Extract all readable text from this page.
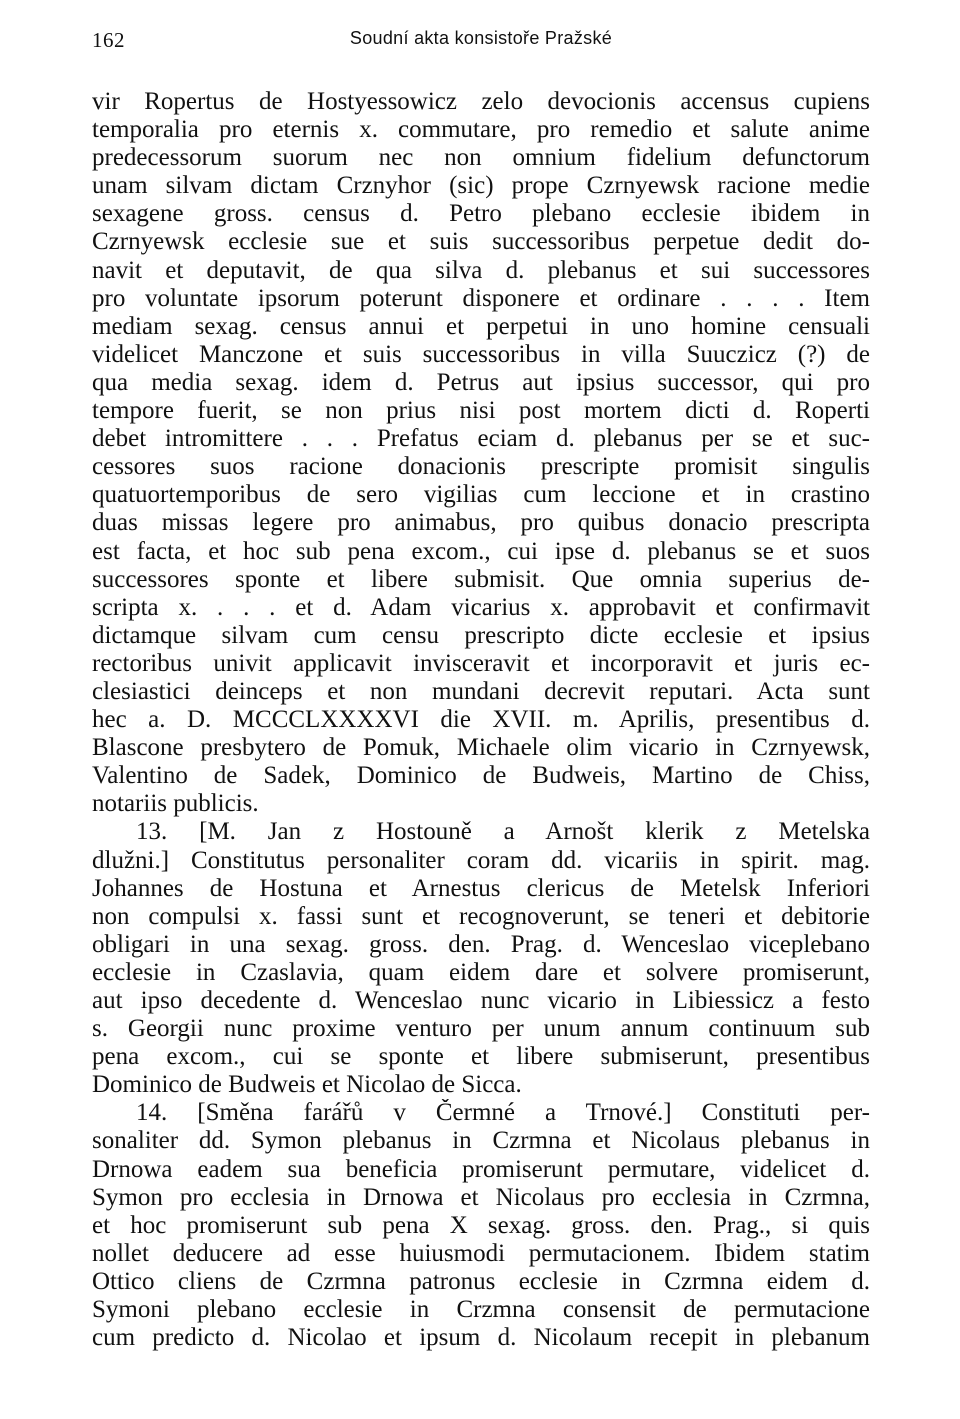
162	Soudní akta konsistoře Pražské
vir Ropertus de Hostyessowicz zelo devocionis accensus cupiens
temporalia pro eternis x. commutare, pro remedio et salute anime
predecessorum suorum nec non omnium fidelium defunctorum
unam silvam dictam Crznyhor (sic) prope Czrnyewsk racione medie
sexagene gross. census d. Petro plebano ecclesie ibidem in
Czrnyewsk ecclesie sue et suis successoribus perpetue dedit do-
navit et deputavit, de qua silva d. plebanus et sui successores
pro voluntate ipsorum poterunt disponere et ordinare . . . . Item
mediam sexag. census annui et perpetui in uno homine censuali
videlicet Manczone et suis successoribus in villa Suuczicz (?) de
qua media sexag. idem d. Petrus aut ipsius successor, qui pro
tempore fuerit, se non prius nisi post mortem dicti d. Roperti
debet intromittere . . . Prefatus eciam d. plebanus per se et suc-
cessores suos racione donacionis prescripte promisit singulis
quatuortemporibus de sero vigilias cum leccione et in crastino
duas missas legere pro animabus, pro quibus donacio prescripta
est facta, et hoc sub pena excom., cui ipse d. plebanus se et suos
successores sponte et libere submisit. Que omnia superius de-
scripta x. . . . et d. Adam vicarius x. approbavit et confirmavit
dictamque silvam cum censu prescripto dicte ecclesie et ipsius
rectoribus univit applicavit invisceravit et incorporavit et juris ec-
clesiastici deinceps et non mundani decrevit reputari. Acta sunt
hec a. D. MCCCLXXXXVI die XVII. m. Aprilis, presentibus d.
Blascone presbytero de Pomuk, Michaele olim vicario in Czrnyewsk,
Valentino de Sadek, Dominico de Budweis, Martino de Chiss,
notariis publicis.
13. [M. Jan z Hostouně a Arnošt klerik z Metelska
dlužni.] Constitutus personaliter coram dd. vicariis in spirit. mag.
Johannes de Hostuna et Arnestus clericus de Metelsk Inferiori
non compulsi x. fassi sunt et recognoverunt, se teneri et debitorie
obligari in una sexag. gross. den. Prag. d. Wenceslao viceplebano
ecclesie in Czaslavia, quam eidem dare et solvere promiserunt,
aut ipso decedente d. Wenceslao nunc vicario in Libiessicz a festo
s. Georgii nunc proxime venturo per unum annum continuum sub
pena excom., cui se sponte et libere submiserunt, presentibus
Dominico de Budweis et Nicolao de Sicca.
14. [Směna farářů v Čermné a Trnové.] Constituti per-
sonaliter dd. Symon plebanus in Czrmna et Nicolaus plebanus in
Drnowa eadem sua beneficia promiserunt permutare, videlicet d.
Symon pro ecclesia in Drnowa et Nicolaus pro ecclesia in Czrmna,
et hoc promiserunt sub pena X sexag. gross. den. Prag., si quis
nollet deducere ad esse huiusmodi permutacionem. Ibidem statim
Ottico cliens de Czrmna patronus ecclesie in Czrmna eidem d.
Symoni plebano ecclesie in Crzmna consensit de permutacione
cum predicto d. Nicolao et ipsum d. Nicolaum recepit in plebanum
